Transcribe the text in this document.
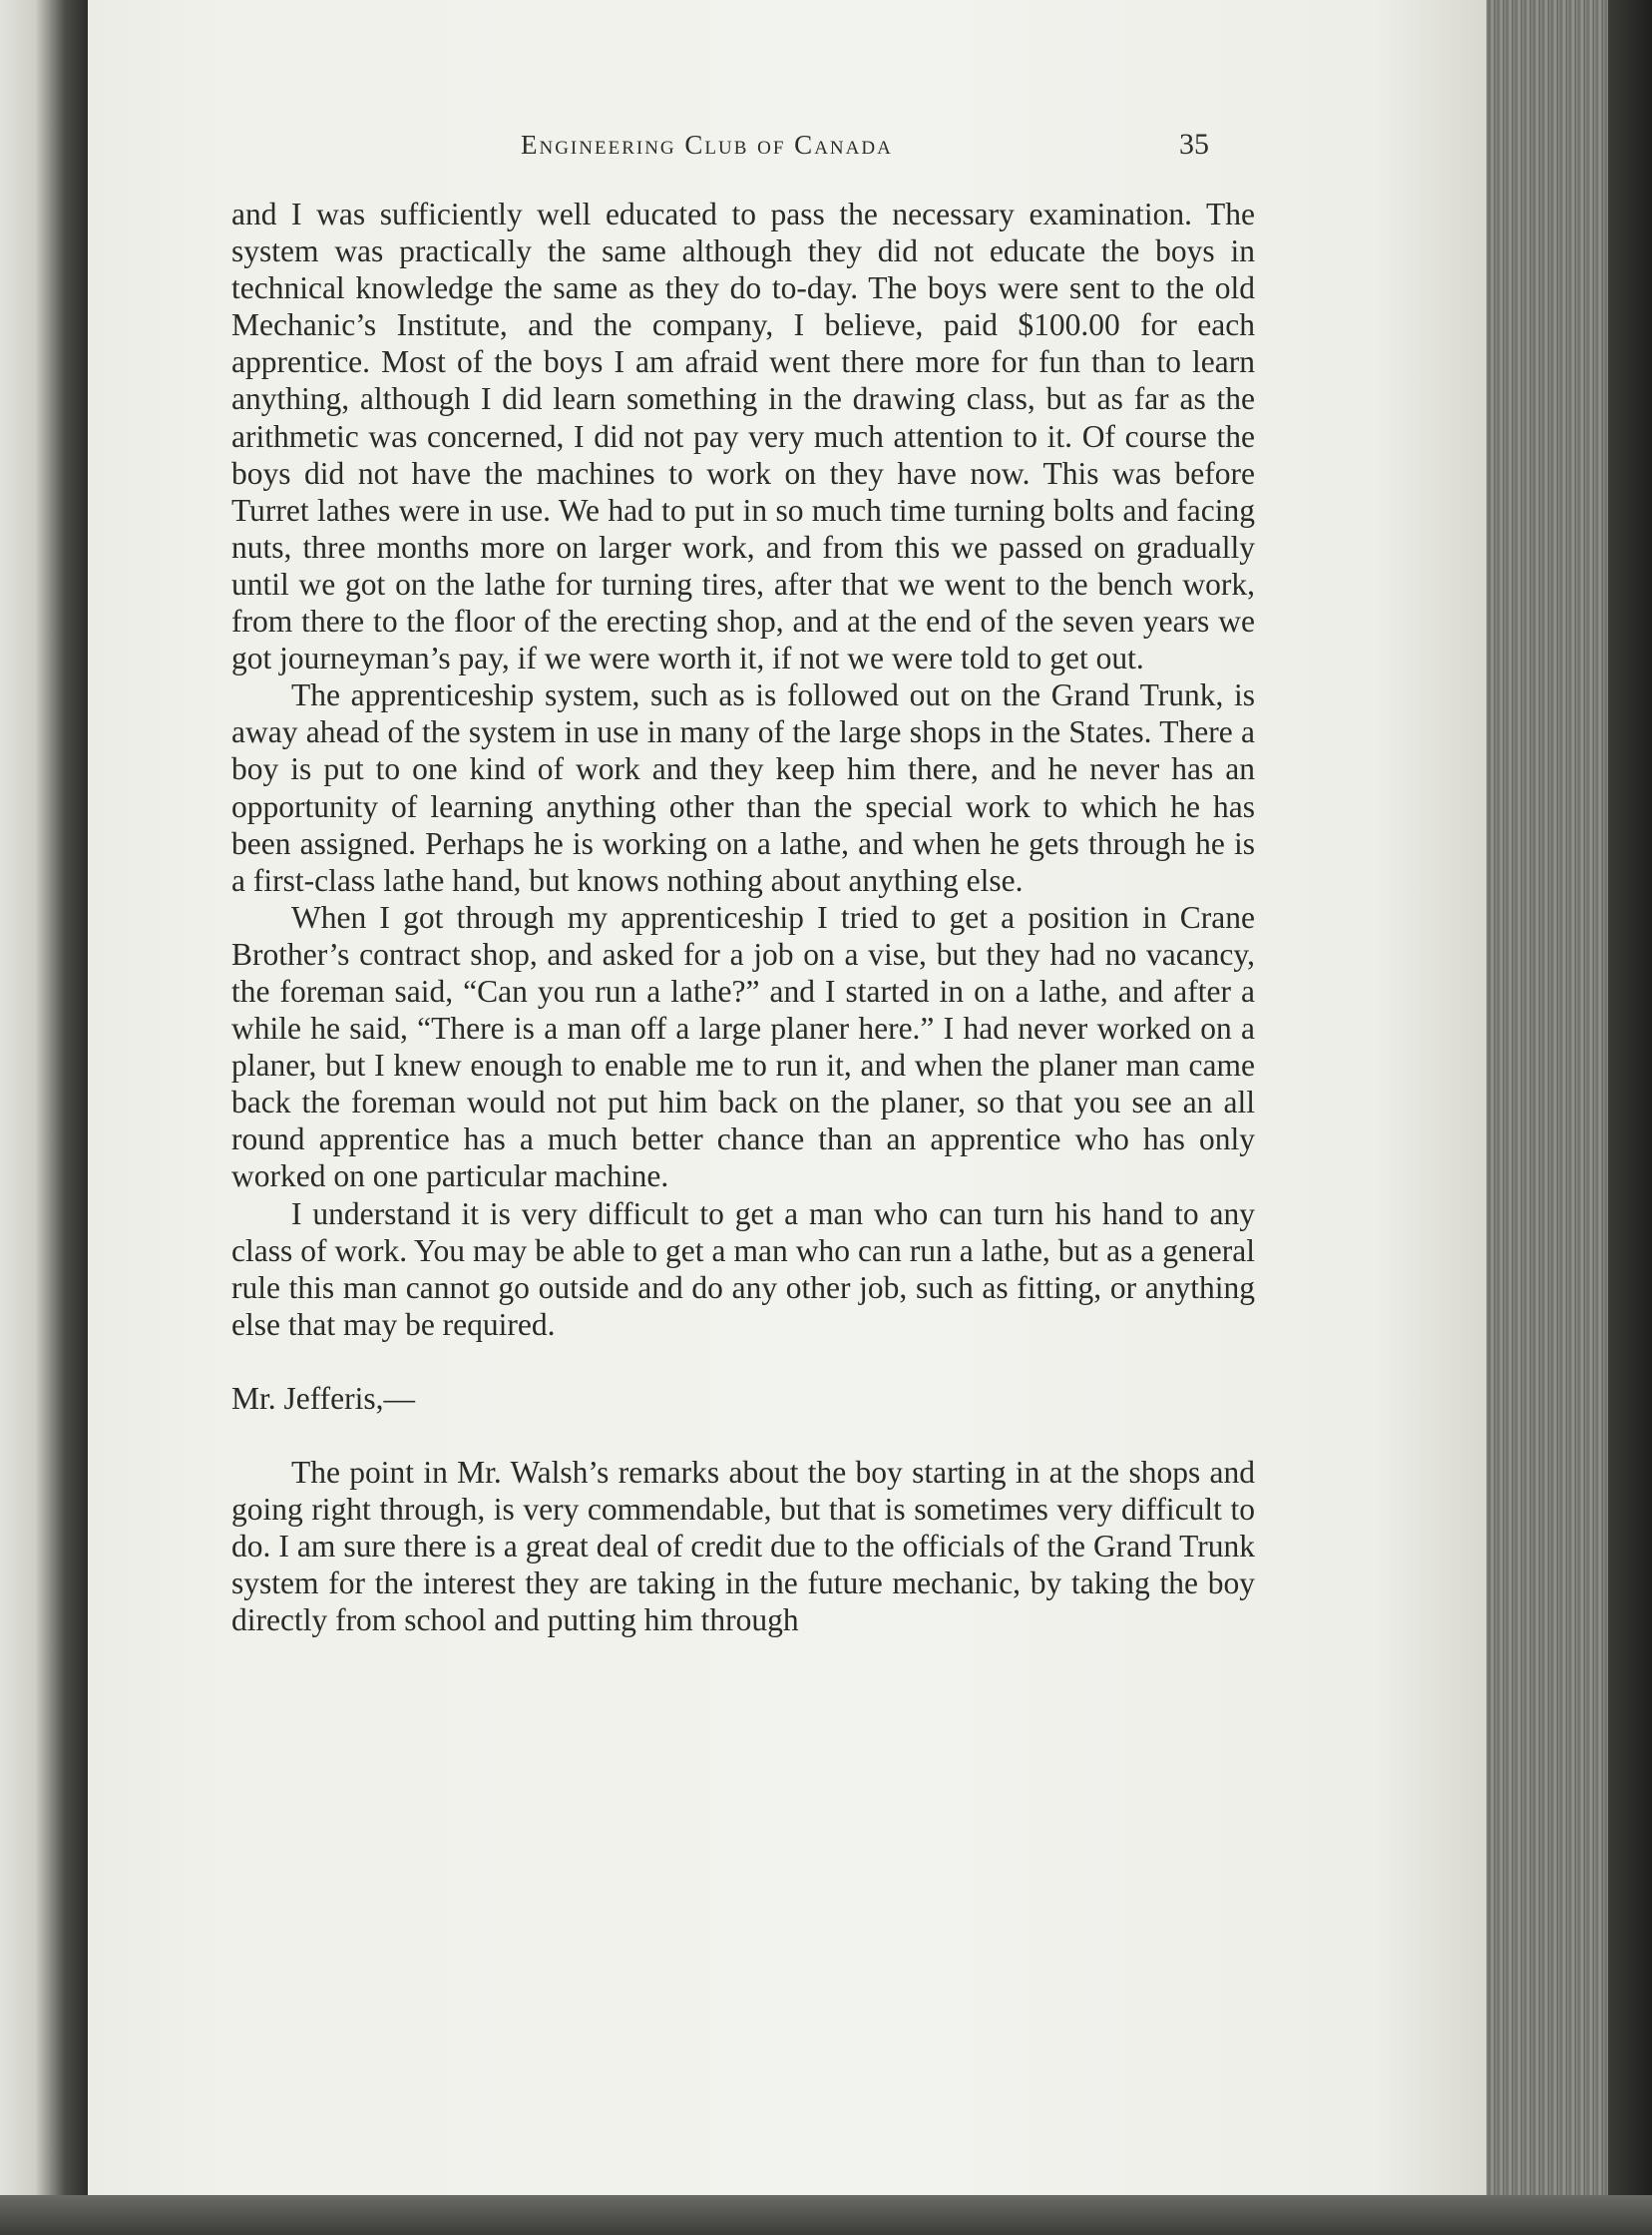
Engineering Club of Canada	35

and I was sufficiently well educated to pass the necessary examination. The system was practically the same although they did not educate the boys in technical knowledge the same as they do to-day. The boys were sent to the old Mechanic’s Institute, and the company, I believe, paid $100.00 for each apprentice. Most of the boys I am afraid went there more for fun than to learn anything, although I did learn something in the drawing class, but as far as the arithmetic was concerned, I did not pay very much attention to it. Of course the boys did not have the machines to work on they have now. This was before Turret lathes were in use. We had to put in so much time turning bolts and facing nuts, three months more on larger work, and from this we passed on gradually until we got on the lathe for turning tires, after that we went to the bench work, from there to the floor of the erecting shop, and at the end of the seven years we got journeyman’s pay, if we were worth it, if not we were told to get out.

The apprenticeship system, such as is followed out on the Grand Trunk, is away ahead of the system in use in many of the large shops in the States. There a boy is put to one kind of work and they keep him there, and he never has an opportunity of learning anything other than the special work to which he has been assigned. Perhaps he is working on a lathe, and when he gets through he is a first-class lathe hand, but knows nothing about anything else.

When I got through my apprenticeship I tried to get a position in Crane Brother’s contract shop, and asked for a job on a vise, but they had no vacancy, the foreman said, “Can you run a lathe?” and I started in on a lathe, and after a while he said, “There is a man off a large planer here.” I had never worked on a planer, but I knew enough to enable me to run it, and when the planer man came back the foreman would not put him back on the planer, so that you see an all round apprentice has a much better chance than an apprentice who has only worked on one particular machine.

I understand it is very difficult to get a man who can turn his hand to any class of work. You may be able to get a man who can run a lathe, but as a general rule this man cannot go outside and do any other job, such as fitting, or anything else that may be required.

Mr. Jefferis,—

The point in Mr. Walsh’s remarks about the boy starting in at the shops and going right through, is very commendable, but that is sometimes very difficult to do. I am sure there is a great deal of credit due to the officials of the Grand Trunk system for the interest they are taking in the future mechanic, by taking the boy directly from school and putting him through
